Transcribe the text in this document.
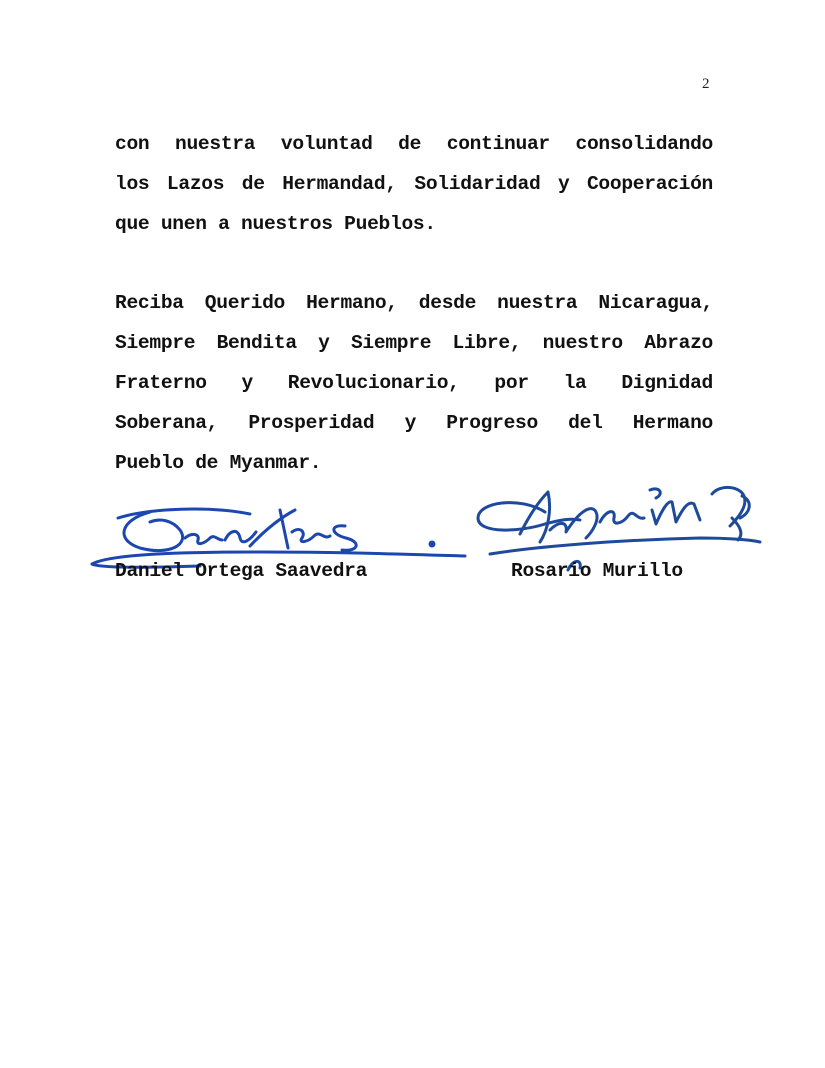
2
con nuestra voluntad de continuar consolidando
los Lazos de Hermandad, Solidaridad y Cooperación
que unen a nuestros Pueblos.
Reciba Querido Hermano, desde nuestra Nicaragua,
Siempre Bendita y Siempre Libre, nuestro Abrazo
Fraterno y Revolucionario, por la Dignidad
Soberana, Prosperidad y Progreso del Hermano
Pueblo de Myanmar.
Daniel Ortega Saavedra	Rosario Murillo
